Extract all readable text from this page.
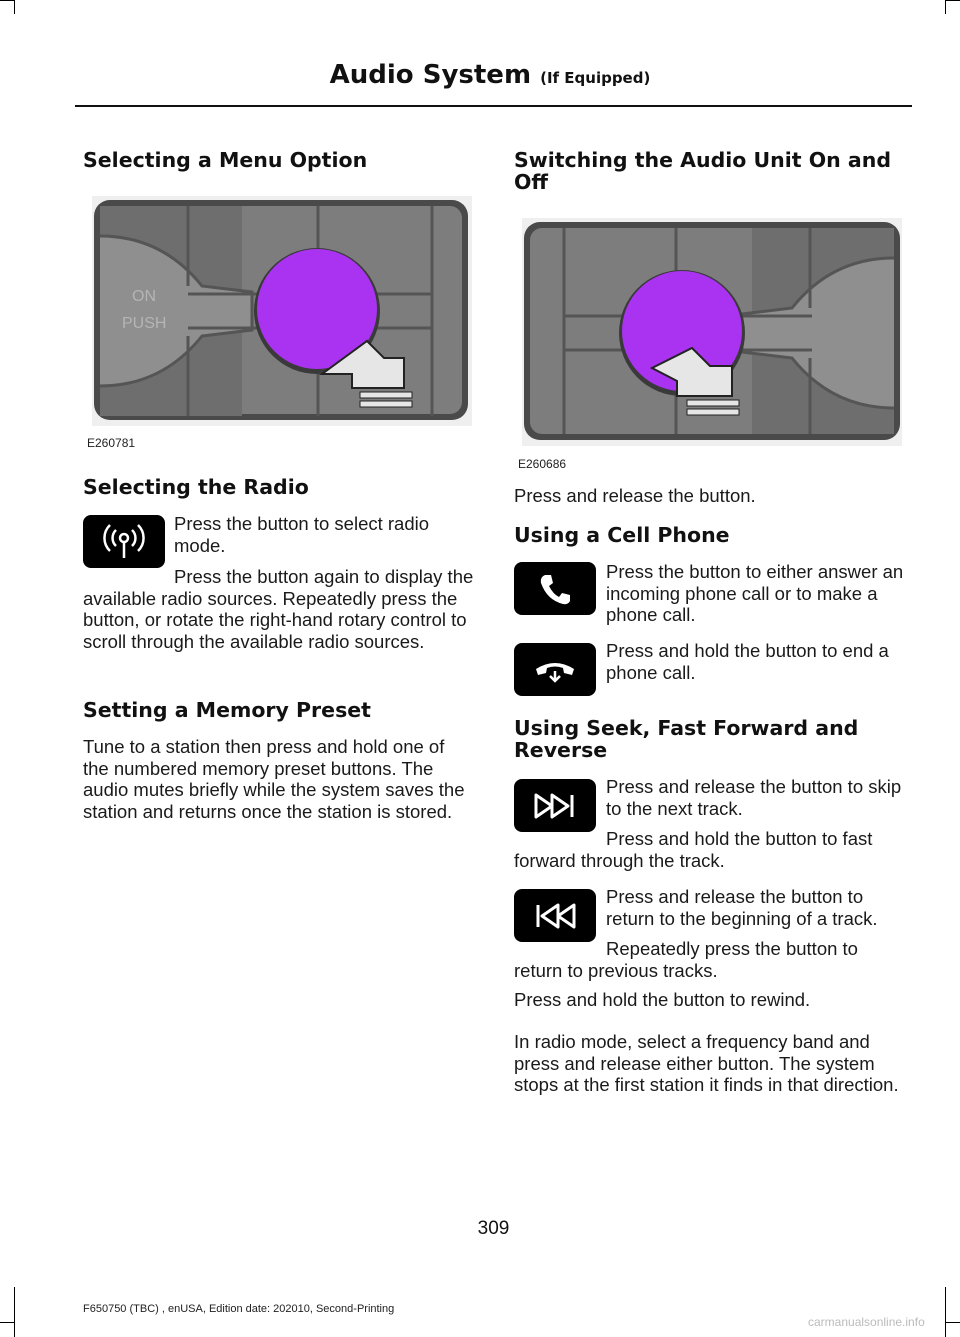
Audio System (If Equipped)
Selecting a Menu Option
ON
PUSH
E260781
Selecting the Radio

Press the button to select radio mode.

Press the button again to display the available radio sources. Repeatedly press the button, or rotate the right-hand rotary control to scroll through the available radio sources.

Setting a Memory Preset

Tune to a station then press and hold one of the numbered memory preset buttons. The audio mutes briefly while the system saves the station and returns once the station is stored.

Switching the Audio Unit On and Off
E260686

Press and release the button.

Using a Cell Phone

Press the button to either answer an incoming phone call or to make a phone call.

Press and hold the button to end a phone call.

Using Seek, Fast Forward and Reverse

Press and release the button to skip to the next track.

Press and hold the button to fast forward through the track.

Press and release the button to return to the beginning of a track.

Repeatedly press the button to return to previous tracks.

Press and hold the button to rewind.

In radio mode, select a frequency band and press and release either button. The system stops at the first station it finds in that direction.

309
F650750 (TBC) , enUSA, Edition date: 202010, Second-Printing
carmanualsonline.info
